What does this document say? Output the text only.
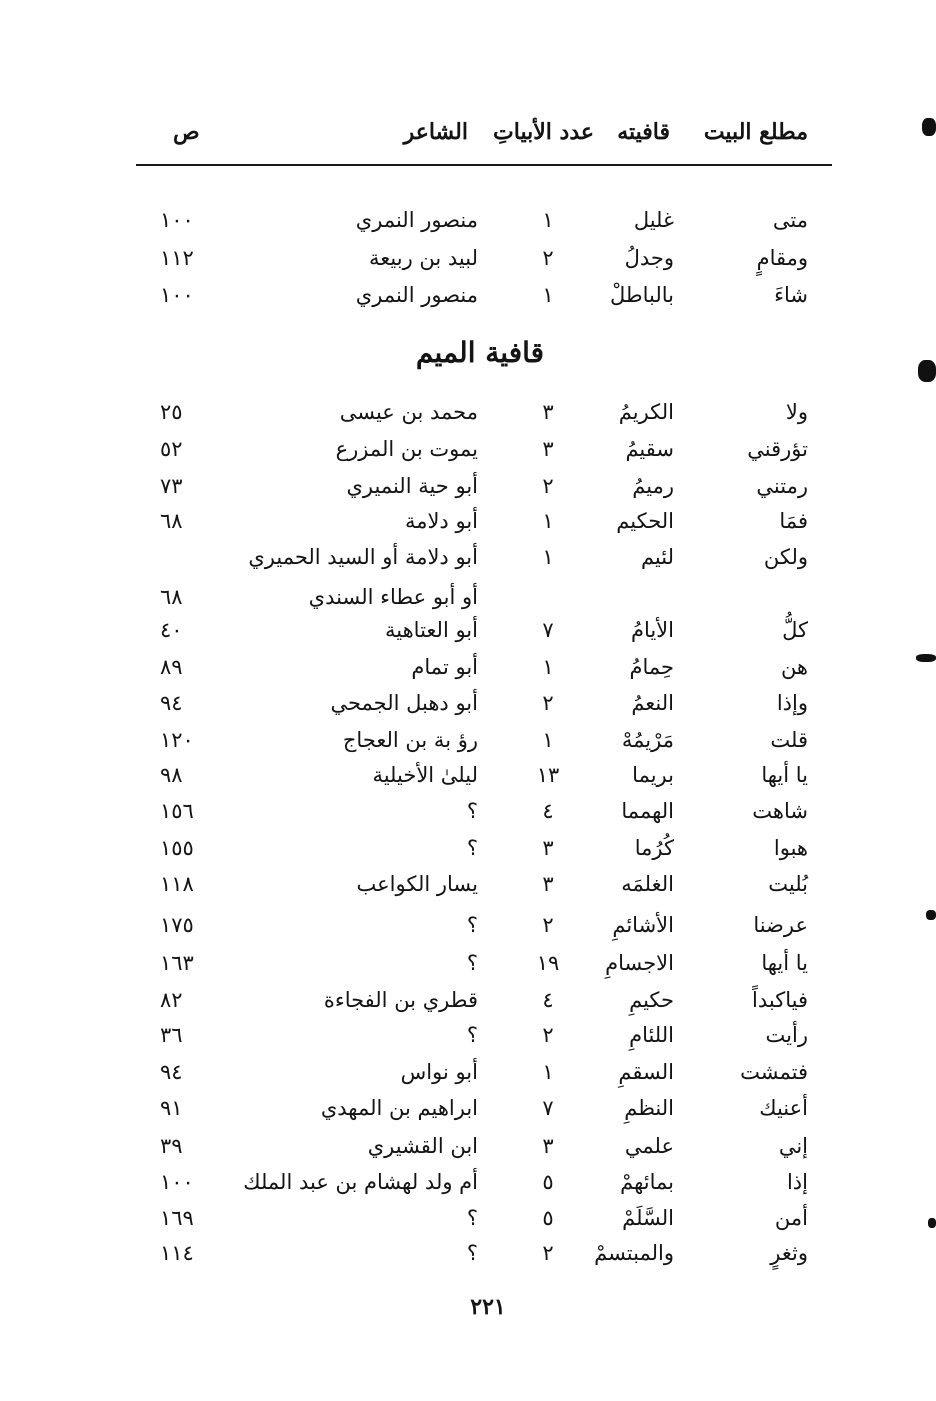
مطلع البيت
قافيته
عدد الأبياتِ
الشاعر
ص
متى
غليل
١
منصور النمري
١٠٠
ومقامٍ
وجدلُ
٢
لبيد بن ربيعة
١١٢
شاءَ
بالباطلْ
١
منصور النمري
١٠٠
قافية الميم
ولا
الكريمُ
٣
محمد بن عيسى
٢٥
تؤرقني
سقيمُ
٣
يموت بن المزرع
٥٢
رمتني
رميمُ
٢
أبو حية النميري
٧٣
فمَا
الحكيم
١
أبو دلامة
٦٨
ولكن
لئيم
١
أبو دلامة أو السيد الحميري
أو أبو عطاء السندي
٦٨
كلُّ
الأيامُ
٧
أبو العتاهية
٤٠
هن
حِمامُ
١
أبو تمام
٨٩
وإذا
النعمُ
٢
أبو دهبل الجمحي
٩٤
قلت
مَرْيمُهْ
١
رؤ بة بن العجاج
١٢٠
يا أيها
بريما
١٣
ليلىٰ الأخيلية
٩٨
شاهت
الهمما
٤
؟
١٥٦
هبوا
كُرُما
٣
؟
١٥٥
بُليت
الغلمَه
٣
يسار الكواعب
١١٨
عرضنا
الأشائمِ
٢
؟
١٧٥
يا أيها
الاجسامِ
١٩
؟
١٦٣
فياكبداً
حكيمِ
٤
قطري بن الفجاءة
٨٢
رأيت
اللئامِ
٢
؟
٣٦
فتمشت
السقمِ
١
أبو نواس
٩٤
أعنيك
النظمِ
٧
ابراهيم بن المهدي
٩١
إني
علمي
٣
ابن القشيري
٣٩
إذا
بمائهمْ
٥
أم ولد لهشام بن عبد الملك
١٠٠
أمن
السَّلَمْ
٥
؟
١٦٩
وثغرٍ
والمبتسمْ
٢
؟
١١٤
٢٢١
